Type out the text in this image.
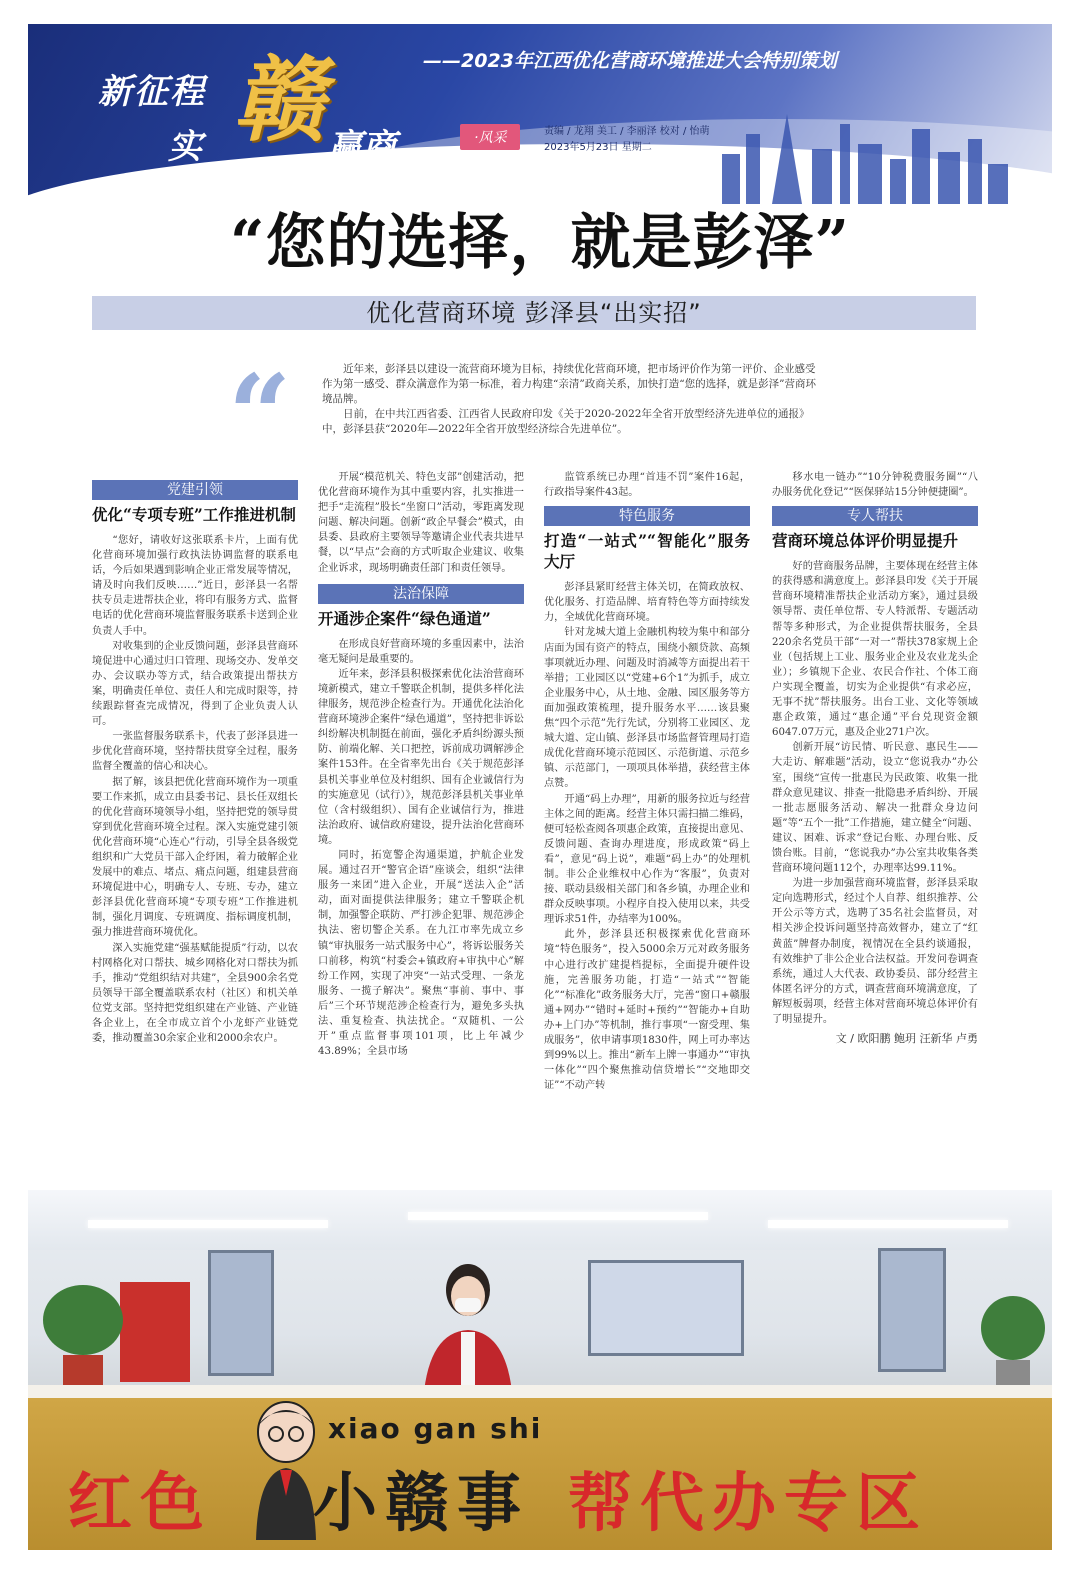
——2023年江西优化营商环境推进大会特别策划
新征程
实 赣 赢商	·风采	责编 / 龙翔 美工 / 李丽泽 校对 / 怡萌
2023年5月23日 星期二
“您的选择，就是彭泽”
优化营商环境 彭泽县“出实招”
“	近年来，彭泽县以建设一流营商环境为目标，持续优化营商环境，把市场评价作为第一评价、企业感受作为第一感受、群众满意作为第一标准，着力构建“亲清”政商关系，加快打造“您的选择，就是彭泽”营商环境品牌。

日前，在中共江西省委、江西省人民政府印发《关于2020-2022年全省开放型经济先进单位的通报》中，彭泽县获“2020年—2022年全省开放型经济综合先进单位”。

党建引领
优化“专项专班”工作推进机制

“您好，请收好这张联系卡片，上面有优化营商环境加强行政执法协调监督的联系电话，今后如果遇到影响企业正常发展等情况，请及时向我们反映……”近日，彭泽县一名帮扶专员走进帮扶企业，将印有服务方式、监督电话的优化营商环境监督服务联系卡送到企业负责人手中。

对收集到的企业反馈问题，彭泽县营商环境促进中心通过归口管理、现场交办、发单交办、会议联办等方式，结合政策提出帮扶方案，明确责任单位、责任人和完成时限等，持续跟踪督查完成情况，得到了企业负责人认可。

一张监督服务联系卡，代表了彭泽县进一步优化营商环境，坚持帮扶贯穿全过程，服务监督全覆盖的信心和决心。

据了解，该县把优化营商环境作为一项重要工作来抓，成立由县委书记、县长任双组长的优化营商环境领导小组，坚持把党的领导贯穿到优化营商环境全过程。深入实施党建引领优化营商环境“心连心”行动，引导全县各级党组织和广大党员干部入企纾困，着力破解企业发展中的难点、堵点、痛点问题，组建县营商环境促进中心，明确专人、专班、专办，建立彭泽县优化营商环境“专项专班”工作推进机制，强化月调度、专班调度、指标调度机制，强力推进营商环境优化。

深入实施党建“强基赋能提质”行动，以农村网格化对口帮扶、城乡网格化对口帮扶为抓手，推动“党组织结对共建”，全县900余名党员领导干部全覆盖联系农村（社区）和机关单位党支部。坚持把党组织建在产业链、产业链各企业上，在全市成立首个小龙虾产业链党委，推动覆盖30余家企业和2000余农户。

开展“模范机关、特色支部”创建活动，把优化营商环境作为其中重要内容，扎实推进一把手“走流程”股长“坐窗口”活动，零距离发现问题、解决问题。创新“政企早餐会”模式，由县委、县政府主要领导等邀请企业代表共进早餐，以“早点”会商的方式听取企业建议、收集企业诉求，现场明确责任部门和责任领导。

法治保障
开通涉企案件“绿色通道”

在形成良好营商环境的多重因素中，法治毫无疑问是最重要的。

近年来，彭泽县积极探索优化法治营商环境新模式，建立千警联企机制，提供多样化法律服务，规范涉企检查行为。开通优化法治化营商环境涉企案件“绿色通道”，坚持把非诉讼纠纷解决机制挺在前面，强化矛盾纠纷源头预防、前端化解、关口把控，诉前成功调解涉企案件153件。在全省率先出台《关于规范彭泽县机关事业单位及村组织、国有企业诚信行为的实施意见（试行）》，规范彭泽县机关事业单位（含村级组织）、国有企业诚信行为，推进法治政府、诚信政府建设，提升法治化营商环境。

同时，拓宽警企沟通渠道，护航企业发展。通过召开“警官企语”座谈会，组织“法律服务一来团”进入企业，开展“送法入企”活动，面对面提供法律服务；建立千警联企机制，加强警企联防、严打涉企犯罪、规范涉企执法、密切警企关系。在九江市率先成立乡镇“审执服务一站式服务中心”，将诉讼服务关口前移，构筑“村委会+镇政府+审执中心”解纷工作网，实现了冲突“一站式受理、一条龙服务、一揽子解决”。聚焦“事前、事中、事后”三个环节规范涉企检查行为，避免多头执法、重复检查、执法扰企。“双随机、一公开”重点监督事项101项，比上年减少43.89%；全县市场

监管系统已办理“首违不罚”案件16起，行政指导案件43起。

特色服务
打造“一站式”“智能化”服务大厅

彭泽县紧盯经营主体关切，在简政放权、优化服务、打造品牌、培育特色等方面持续发力，全域优化营商环境。

针对龙城大道上金融机构较为集中和部分店面为国有资产的特点，围绕小额贷款、高频事项就近办理、问题及时消减等方面提出若干举措；工业园区以“党建+6个1”为抓手，成立企业服务中心，从土地、金融、园区服务等方面加强政策梳理，提升服务水平……该县聚焦“四个示范”先行先试，分别将工业园区、龙城大道、定山镇、彭泽县市场监督管理局打造成优化营商环境示范园区、示范街道、示范乡镇、示范部门，一项项具体举措，获经营主体点赞。

开通“码上办理”，用新的服务拉近与经营主体之间的距离。经营主体只需扫描二维码，便可轻松查阅各项惠企政策，直接提出意见、反馈问题、查询办理进度，形成政策“码上看”，意见“码上说”，难题“码上办”的处理机制。非公企业维权中心作为“客服”，负责对接、联动县级相关部门和各乡镇，办理企业和群众反映事项。小程序自投入使用以来，共受理诉求51件，办结率为100%。

此外，彭泽县还积极探索优化营商环境“特色服务”，投入5000余万元对政务服务中心进行改扩建提档提标，全面提升硬件设施，完善服务功能，打造“一站式”“智能化”“标准化”政务服务大厅，完善“窗口+赣服通+网办”“错时+延时+预约”“智能办+自助办+上门办”等机制，推行事项“一窗受理、集成服务”，依申请事项1830件，网上可办率达到99%以上。推出“新车上牌一事通办”“审执一体化”“四个聚焦推动信贷增长”“交地即交证”“不动产转

移水电一链办”“10分钟税费服务圈”“八办服务优化登记”“医保驿站15分钟便捷圈”。

专人帮扶
营商环境总体评价明显提升

好的营商服务品牌，主要体现在经营主体的获得感和满意度上。彭泽县印发《关于开展营商环境精准帮扶企业活动方案》，通过县级领导帮、责任单位帮、专人特派帮、专题活动帮等多种形式，为企业提供帮扶服务，全县220余名党员干部“一对一”帮扶378家规上企业（包括规上工业、服务业企业及农业龙头企业）；乡镇规下企业、农民合作社、个体工商户实现全覆盖，切实为企业提供“有求必应，无事不扰”帮扶服务。出台工业、文化等领域惠企政策，通过“惠企通”平台兑现资金额6047.07万元，惠及企业271户次。

创新开展“访民情、听民意、惠民生——大走访、解难题”活动，设立“您说我办”办公室，围绕“宣传一批惠民为民政策、收集一批群众意见建议、排查一批隐患矛盾纠纷、开展一批志愿服务活动、解决一批群众身边问题”等“五个一批”工作措施，建立健全“问题、建议、困难、诉求”登记台账、办理台账、反馈台账。目前，“您说我办”办公室共收集各类营商环境问题112个，办理率达99.11%。

为进一步加强营商环境监督，彭泽县采取定向选聘形式，经过个人自荐、组织推荐、公开公示等方式，选聘了35名社会监督员，对相关涉企投诉问题坚持高效督办，建立了“红黄蓝”牌督办制度，视情况在全县约谈通报，有效维护了非公企业合法权益。开发问卷调查系统，通过人大代表、政协委员、部分经营主体匿名评分的方式，调查营商环境满意度，了解短板弱项，经营主体对营商环境总体评价有了明显提升。

文 / 欧阳鹏 鲍玥 汪新华 卢勇
xiao gan shi
红色 小赣事 帮代办专区
